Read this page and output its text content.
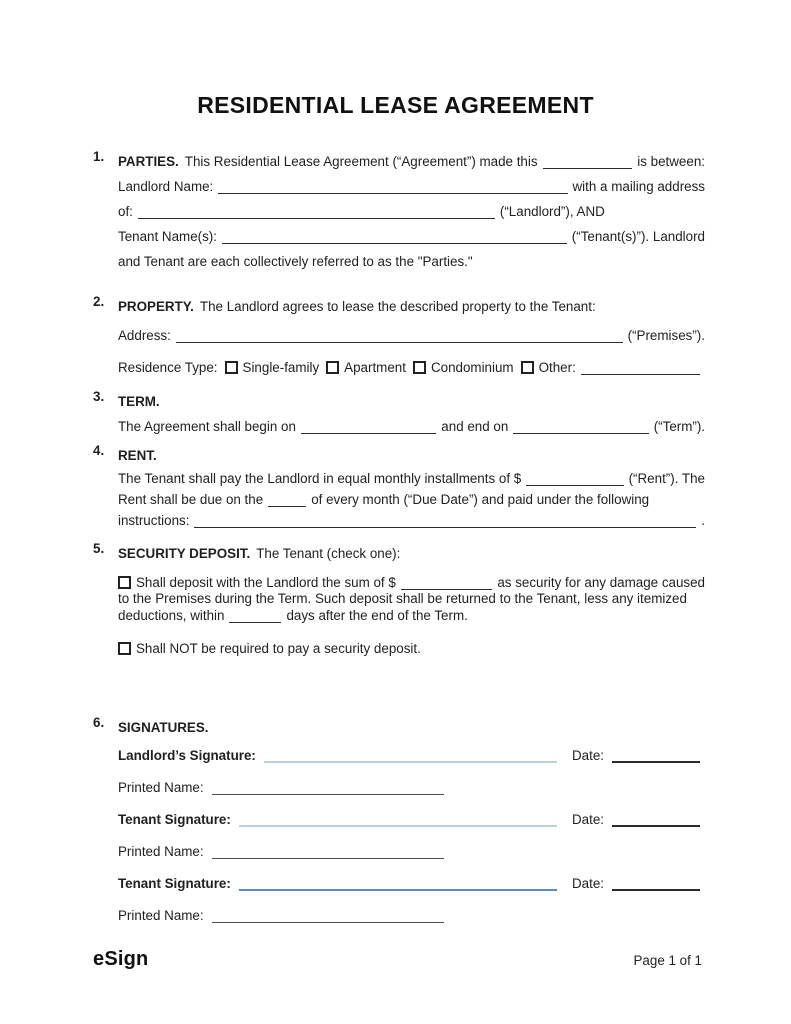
RESIDENTIAL LEASE AGREEMENT
1.	PARTIES. This Residential Lease Agreement (“Agreement”) made this	is between:
Landlord Name:	with a mailing address
of:	(“Landlord”), AND
Tenant Name(s):	(“Tenant(s)”). Landlord
and Tenant are each collectively referred to as the "Parties."
2.	PROPERTY. The Landlord agrees to lease the described property to the Tenant:
Address:	(“Premises”).
Residence Type: Single-family Apartment Condominium Other:
3.	TERM.
The Agreement shall begin on	and end on	(“Term”).
4.	RENT.
The Tenant shall pay the Landlord in equal monthly installments of $	(“Rent”). The
Rent shall be due on the	of every month (“Due Date”) and paid under the following
instructions:	.
5.	SECURITY DEPOSIT. The Tenant (check one):
Shall deposit with the Landlord the sum of $	as security for any damage caused
to the Premises during the Term. Such deposit shall be returned to the Tenant, less any itemized
deductions, within	days after the end of the Term.
Shall NOT be required to pay a security deposit.
6.	SIGNATURES.
Landlord’s Signature:	Date:
Printed Name:
Tenant Signature:	Date:
Printed Name:
Tenant Signature:	Date:
Printed Name:
eSign	Page 1 of 1
